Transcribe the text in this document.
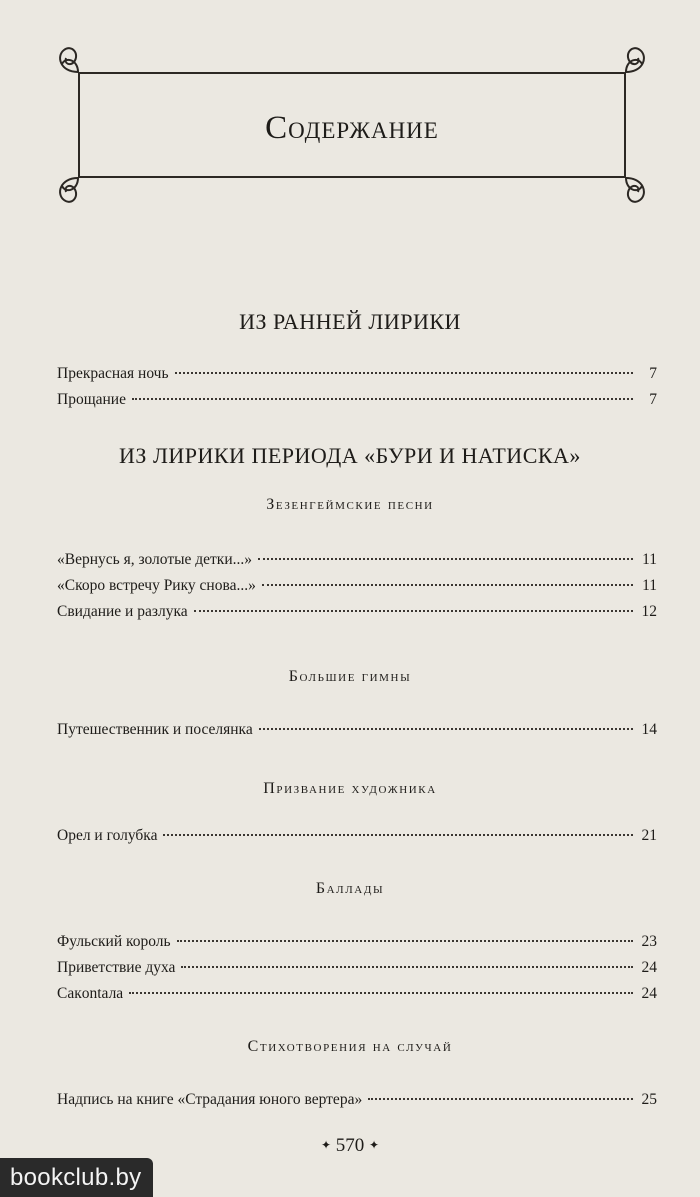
Содержание
ИЗ РАННЕЙ ЛИРИКИ
Прекрасная ночь	7
Прощание	7
ИЗ ЛИРИКИ ПЕРИОДА «БУРИ И НАТИСКА»
Зезенгеймские песни
«Вернусь я, золотые детки...»	11
«Скоро встречу Рику снова...»	11
Свидание и разлука	12
Большие гимны
Путешественник и поселянка	14
Призвание художника
Орел и голубка	21
Баллады
Фульский король	23
Приветствие духа	24
Сакontала	24
Стихотворения на случай
Надпись на книге «Страдания юного вертера»	25
✦ 570 ✦
bookclub.by
